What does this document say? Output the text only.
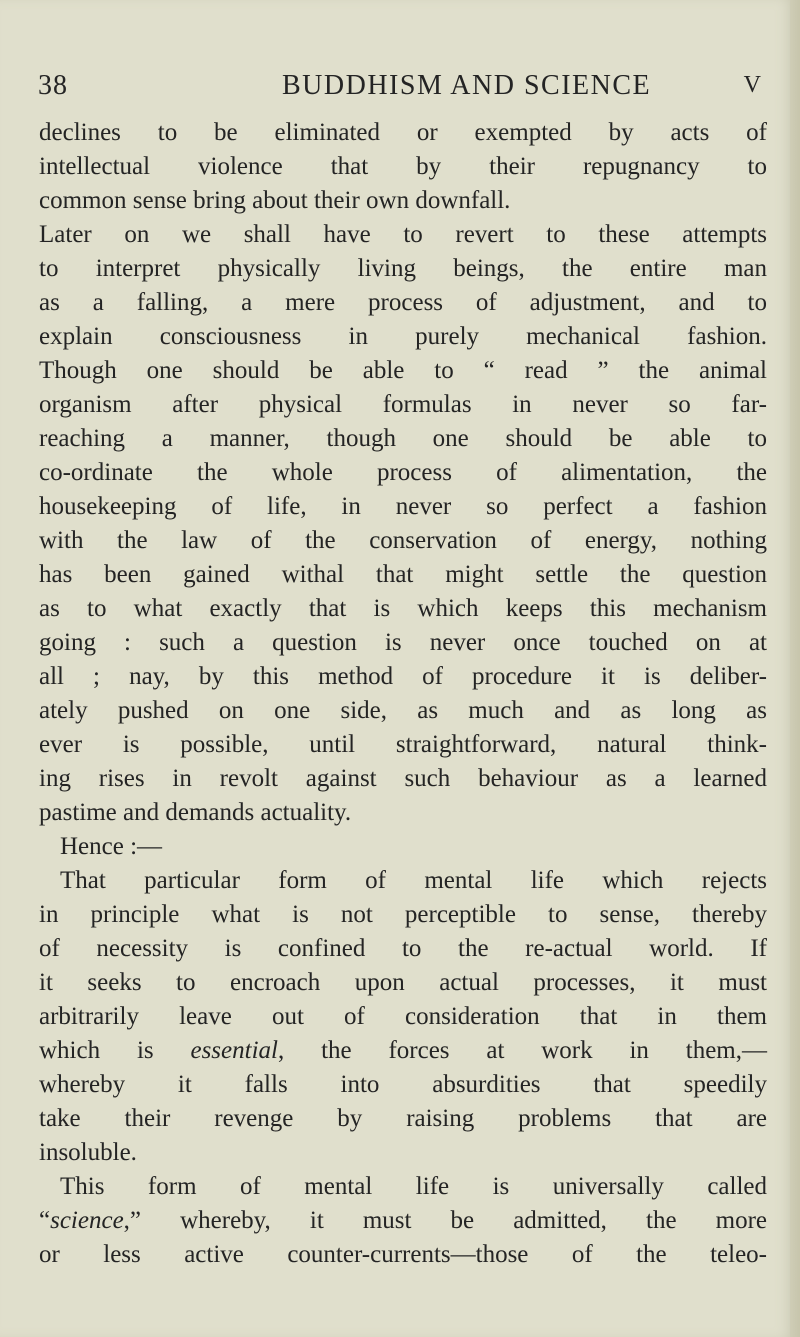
38	BUDDHISM AND SCIENCE	V
declines to be eliminated or exempted by acts of
intellectual violence that by their repugnancy to
common sense bring about their own downfall.
Later on we shall have to revert to these attempts
to interpret physically living beings, the entire man
as a falling, a mere process of adjustment, and to
explain consciousness in purely mechanical fashion.
Though one should be able to “ read ” the animal
organism after physical formulas in never so far-
reaching a manner, though one should be able to
co-ordinate the whole process of alimentation, the
housekeeping of life, in never so perfect a fashion
with the law of the conservation of energy, nothing
has been gained withal that might settle the question
as to what exactly that is which keeps this mechanism
going : such a question is never once touched on at
all ; nay, by this method of procedure it is deliber-
ately pushed on one side, as much and as long as
ever is possible, until straightforward, natural think-
ing rises in revolt against such behaviour as a learned
pastime and demands actuality.
Hence :—
That particular form of mental life which rejects
in principle what is not perceptible to sense, thereby
of necessity is confined to the re-actual world. If
it seeks to encroach upon actual processes, it must
arbitrarily leave out of consideration that in them
which is essential, the forces at work in them,—
whereby it falls into absurdities that speedily
take their revenge by raising problems that are
insoluble.
This form of mental life is universally called
“science,” whereby, it must be admitted, the more
or less active counter-currents—those of the teleo-
